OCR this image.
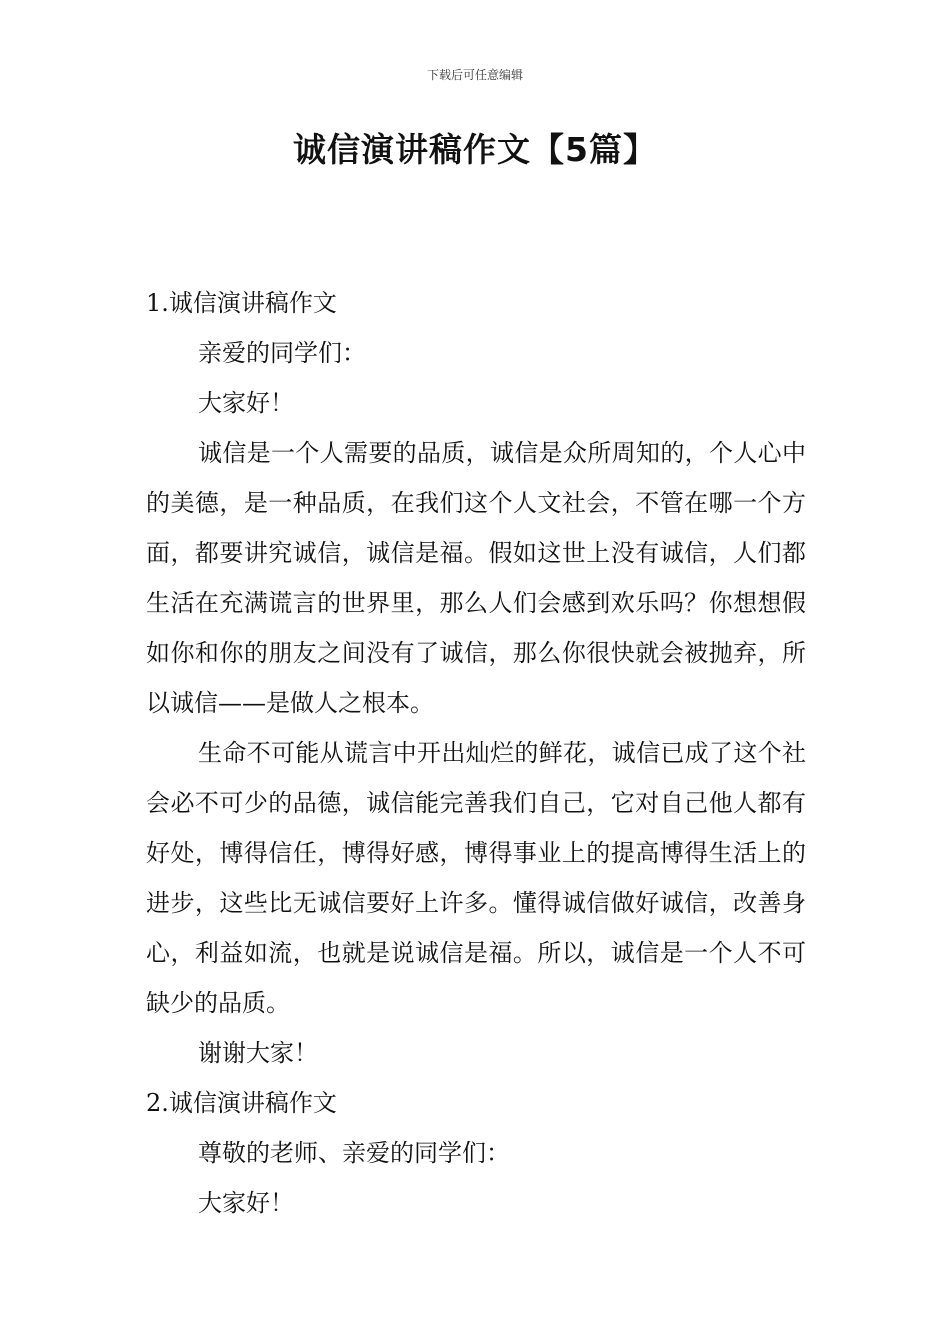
下载后可任意编辑
诚信演讲稿作文【5篇】

1.诚信演讲稿作文

亲爱的同学们：

大家好！

诚信是一个人需要的品质，诚信是众所周知的，个人心中的美德，是一种品质，在我们这个人文社会，不管在哪一个方面，都要讲究诚信，诚信是福。假如这世上没有诚信，人们都生活在充满谎言的世界里，那么人们会感到欢乐吗？你想想假如你和你的朋友之间没有了诚信，那么你很快就会被抛弃，所以诚信——是做人之根本。

生命不可能从谎言中开出灿烂的鲜花，诚信已成了这个社会必不可少的品德，诚信能完善我们自己，它对自己他人都有好处，博得信任，博得好感，博得事业上的提高博得生活上的进步，这些比无诚信要好上许多。懂得诚信做好诚信，改善身心，利益如流，也就是说诚信是福。所以，诚信是一个人不可缺少的品质。

谢谢大家！

2.诚信演讲稿作文

尊敬的老师、亲爱的同学们：

大家好！
